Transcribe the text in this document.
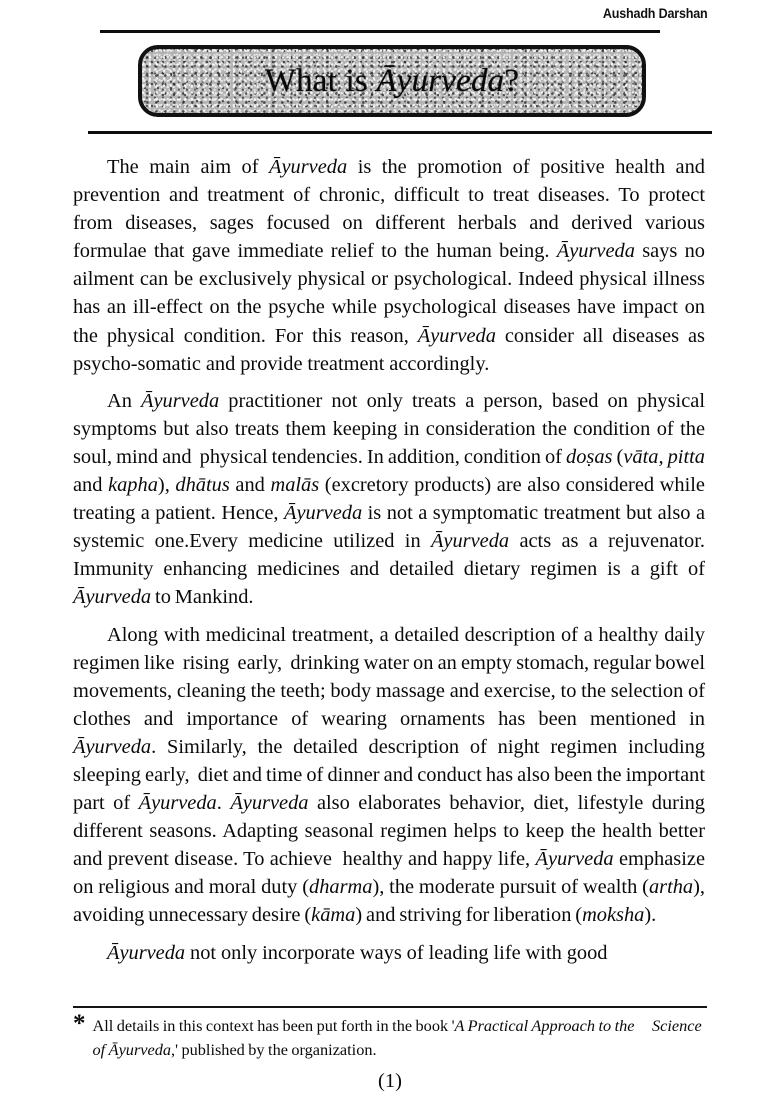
Aushadh Darshan
What is Āyurveda?

The main aim of Āyurveda is the promotion of positive health and prevention and treatment of chronic, difficult to treat diseases. To protect from diseases, sages focused on different herbals and derived various formulae that gave immediate relief to the human being. Āyurveda says no ailment can be exclusively physical or psychological. Indeed physical illness has an ill-effect on the psyche while psychological diseases have impact on the physical condition. For this reason, Āyurveda consider all diseases as psycho-somatic and provide treatment accordingly.

An Āyurveda practitioner not only treats a person, based on physical symptoms but also treats them keeping in consideration the condition of the soul, mind and  physical tendencies. In addition, condition of doṣas (vāta, pitta and kapha), dhātus and malās (excretory products) are also considered while treating a patient. Hence, Āyurveda is not a symptomatic treatment but also a systemic one.Every medicine utilized in Āyurveda acts as a rejuvenator. Immunity enhancing medicines and detailed dietary regimen is a gift of Āyurveda to Mankind.

Along with medicinal treatment, a detailed description of a healthy daily regimen like  rising  early,  drinking water on an empty stomach, regular bowel movements, cleaning the teeth; body massage and exercise, to the selection of clothes and importance of wearing ornaments has been mentioned in Āyurveda. Similarly, the detailed description of night regimen including sleeping early,  diet and time of dinner and conduct has also been the important part of Āyurveda. Āyurveda also elaborates behavior, diet, lifestyle during different seasons. Adapting seasonal regimen helps to keep the health better and prevent disease. To achieve  healthy and happy life, Āyurveda emphasize on religious and moral duty (dharma), the moderate pursuit of wealth (artha), avoiding unnecessary desire (kāma) and striving for liberation (moksha).

Āyurveda not only incorporate ways of leading life with good

* All details in this context has been put forth in the book 'A Practical Approach to the Science of Āyurveda,' published by the organization.
(1)
